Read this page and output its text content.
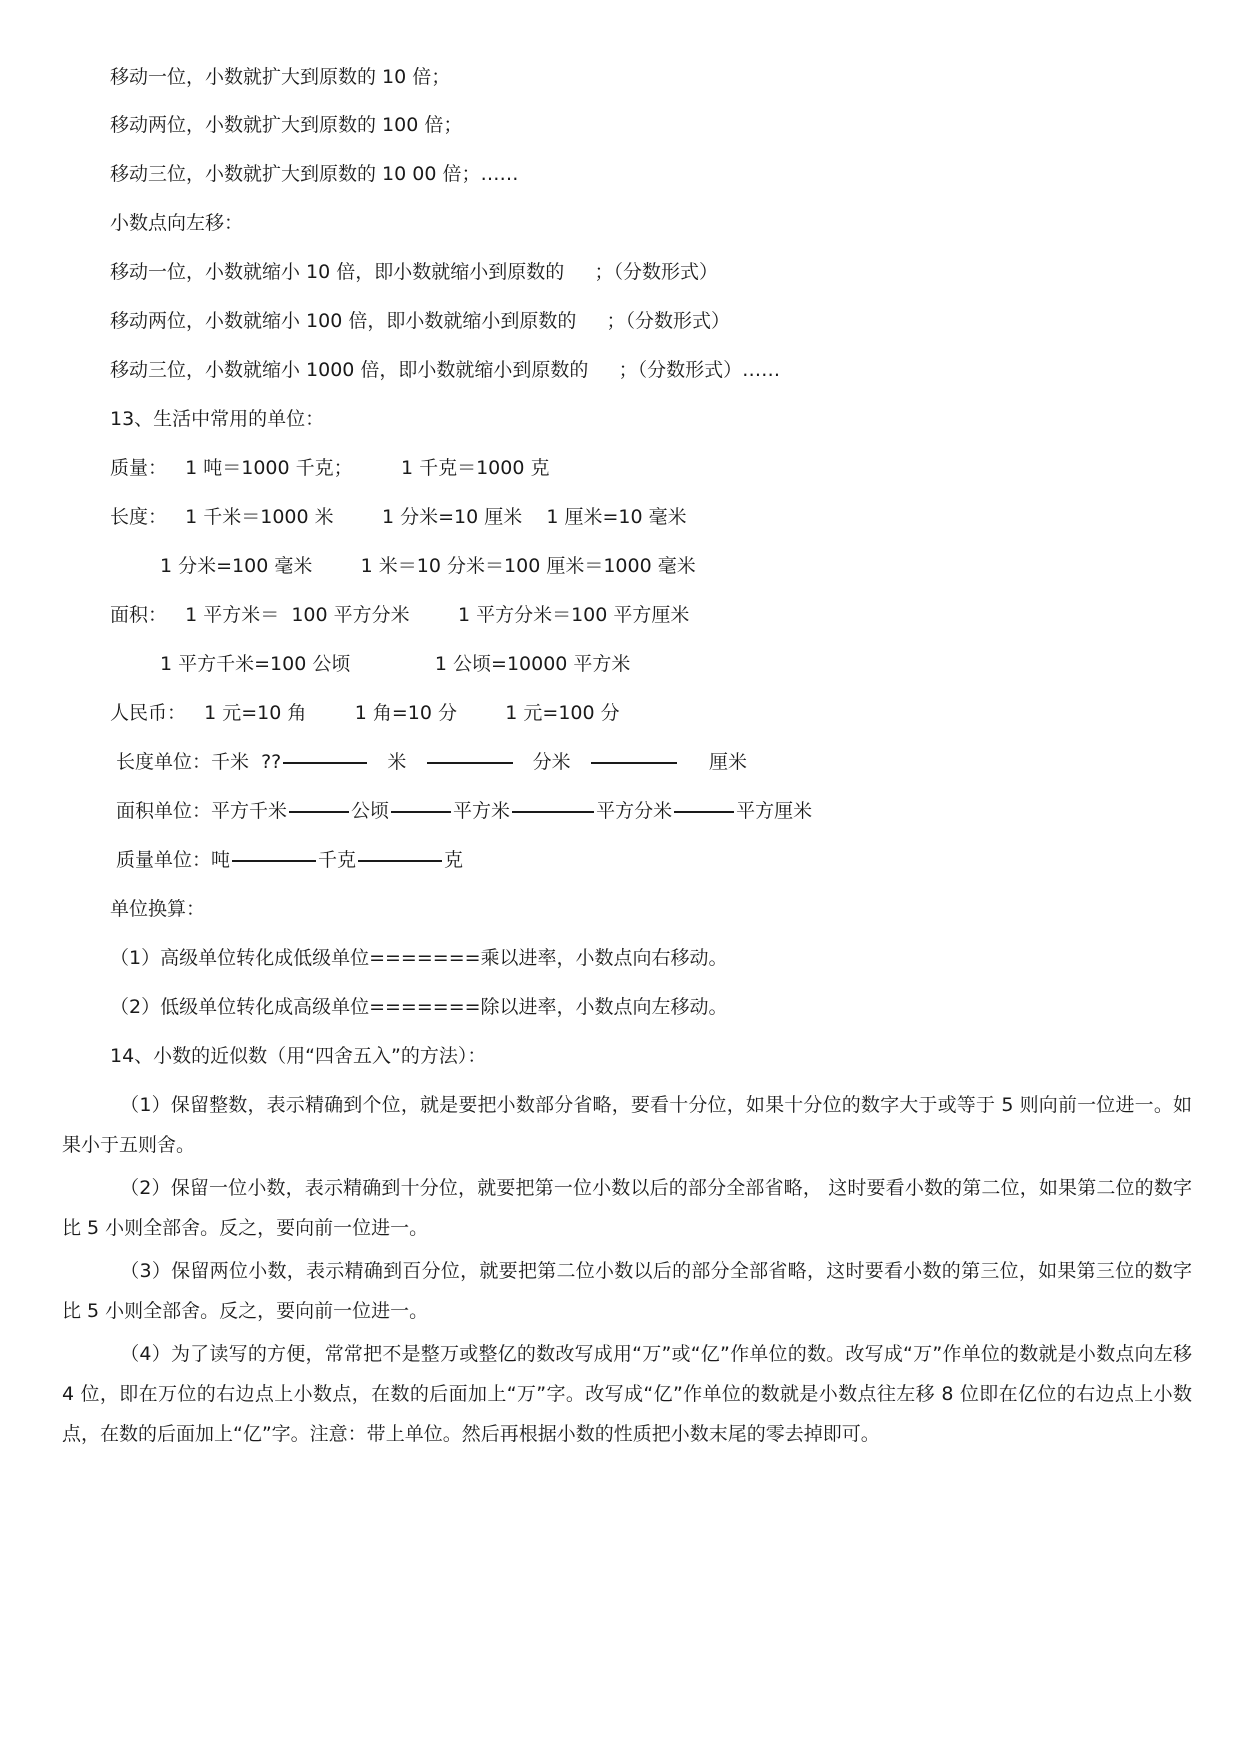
移动一位，小数就扩大到原数的 10 倍；
移动两位，小数就扩大到原数的 100 倍；
移动三位，小数就扩大到原数的 10 00 倍；……
小数点向左移：
移动一位，小数就缩小 10 倍，即小数就缩小到原数的     ；（分数形式）
移动两位，小数就缩小 100 倍，即小数就缩小到原数的     ；（分数形式）
移动三位，小数就缩小 1000 倍，即小数就缩小到原数的     ；（分数形式）……
13、生活中常用的单位：
质量：   1 吨＝1000 千克；        1 千克＝1000 克
长度：   1 千米＝1000 米        1 分米=10 厘米    1 厘米=10 毫米
1 分米=100 毫米        1 米＝10 分米＝100 厘米＝1000 毫米
面积：   1 平方米＝  100 平方分米        1 平方分米＝100 平方厘米
1 平方千米=100 公顷              1 公顷=10000 平方米
人民币：   1 元=10 角        1 角=10 分        1 元=100 分
长度单位：千米  ??	米	分米	厘米
面积单位：平方千米	公顷	平方米	平方分米	平方厘米
质量单位：吨	千克	克
单位换算：
（1）高级单位转化成低级单位=======乘以进率，小数点向右移动。
（2）低级单位转化成高级单位=======除以进率，小数点向左移动。
14、小数的近似数（用“四舍五入”的方法）：
（1）保留整数，表示精确到个位，就是要把小数部分省略，要看十分位，如果十分位的数字大于或等于 5 则向前一位进一。如果小于五则舍。
（2）保留一位小数，表示精确到十分位，就要把第一位小数以后的部分全部省略， 这时要看小数的第二位，如果第二位的数字比 5 小则全部舍。反之，要向前一位进一。
（3）保留两位小数，表示精确到百分位，就要把第二位小数以后的部分全部省略，这时要看小数的第三位，如果第三位的数字比 5 小则全部舍。反之，要向前一位进一。
（4）为了读写的方便，常常把不是整万或整亿的数改写成用“万”或“亿”作单位的数。改写成“万”作单位的数就是小数点向左移 4 位，即在万位的右边点上小数点，在数的后面加上“万”字。改写成“亿”作单位的数就是小数点往左移 8 位即在亿位的右边点上小数点，在数的后面加上“亿”字。注意：带上单位。然后再根据小数的性质把小数末尾的零去掉即可。
